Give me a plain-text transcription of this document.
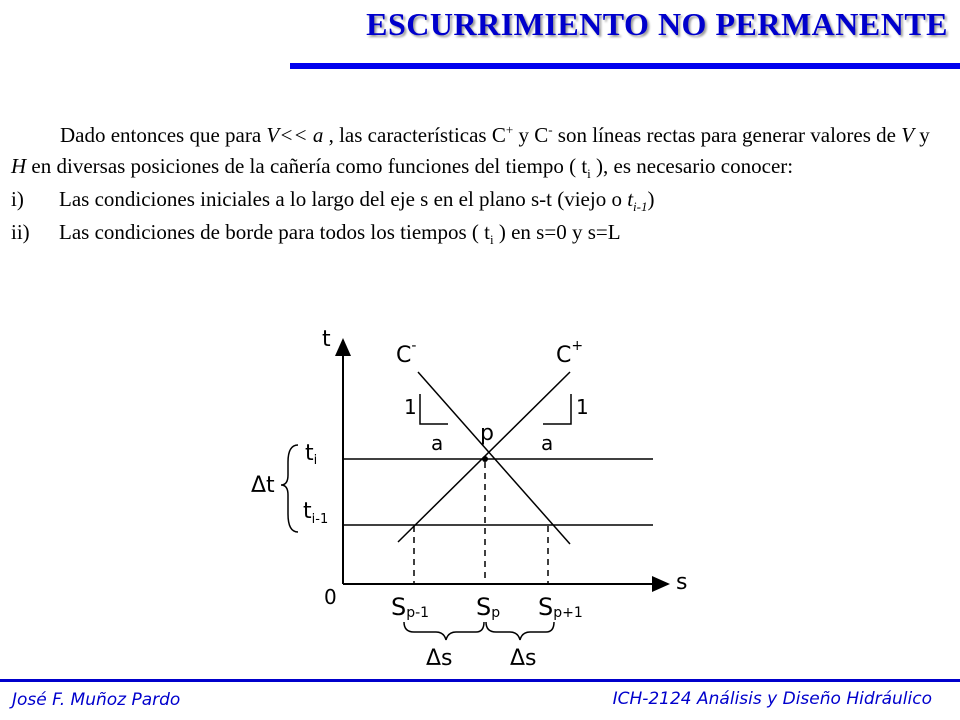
ESCURRIMIENTO NO PERMANENTE

Dado entonces que para V<< a , las características C+ y C- son líneas rectas para generar valores de V y H en diversas posiciones de la cañería como funciones del tiempo ( $t_i$ ), es necesario conocer:

i)	Las condiciones iniciales a lo largo del eje s en el plano s-t (viejo o $t_{i-1}$)
ii)	Las condiciones de borde para todos los tiempos ( $t_i$ ) en s=0 y s=L
t
s
0
1	1
a	a
C-	C+
p
ti
$t_{i-1}$
Δt
Sp-1 Sp Sp+1
Δs	Δs
José F. Muñoz Pardo	ICH-2124 Análisis y Diseño Hidráulico
